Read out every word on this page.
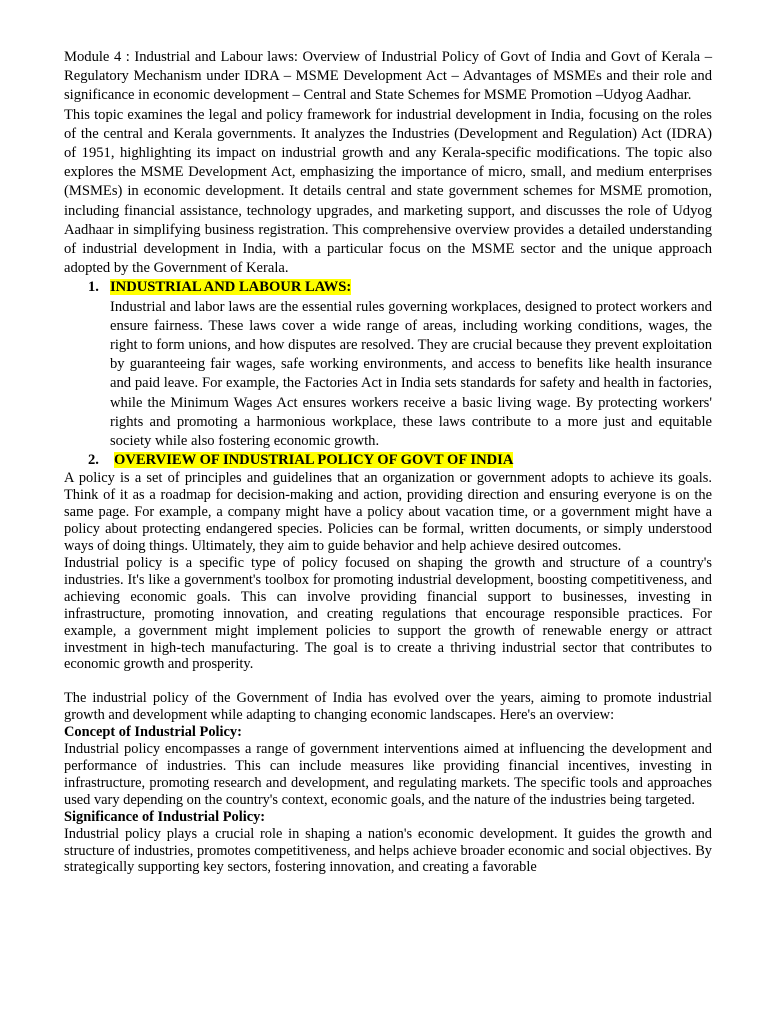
Module 4 : Industrial and Labour laws: Overview of Industrial Policy of Govt of India and Govt of Kerala – Regulatory Mechanism under IDRA – MSME Development Act – Advantages of MSMEs and their role and significance in economic development – Central and State Schemes for MSME Promotion –Udyog Aadhar.

This topic examines the legal and policy framework for industrial development in India, focusing on the roles of the central and Kerala governments. It analyzes the Industries (Development and Regulation) Act (IDRA) of 1951, highlighting its impact on industrial growth and any Kerala-specific modifications. The topic also explores the MSME Development Act, emphasizing the importance of micro, small, and medium enterprises (MSMEs) in economic development. It details central and state government schemes for MSME promotion, including financial assistance, technology upgrades, and marketing support, and discusses the role of Udyog Aadhaar in simplifying business registration. This comprehensive overview provides a detailed understanding of industrial development in India, with a particular focus on the MSME sector and the unique approach adopted by the Government of Kerala.

1. INDUSTRIAL AND LABOUR LAWS:

Industrial and labor laws are the essential rules governing workplaces, designed to protect workers and ensure fairness. These laws cover a wide range of areas, including working conditions, wages, the right to form unions, and how disputes are resolved. They are crucial because they prevent exploitation by guaranteeing fair wages, safe working environments, and access to benefits like health insurance and paid leave. For example, the Factories Act in India sets standards for safety and health in factories, while the Minimum Wages Act ensures workers receive a basic living wage. By protecting workers' rights and promoting a harmonious workplace, these laws contribute to a more just and equitable society while also fostering economic growth.

2. OVERVIEW OF INDUSTRIAL POLICY OF GOVT OF INDIA

A policy is a set of principles and guidelines that an organization or government adopts to achieve its goals. Think of it as a roadmap for decision-making and action, providing direction and ensuring everyone is on the same page. For example, a company might have a policy about vacation time, or a government might have a policy about protecting endangered species. Policies can be formal, written documents, or simply understood ways of doing things. Ultimately, they aim to guide behavior and help achieve desired outcomes.

Industrial policy is a specific type of policy focused on shaping the growth and structure of a country's industries. It's like a government's toolbox for promoting industrial development, boosting competitiveness, and achieving economic goals. This can involve providing financial support to businesses, investing in infrastructure, promoting innovation, and creating regulations that encourage responsible practices. For example, a government might implement policies to support the growth of renewable energy or attract investment in high-tech manufacturing. The goal is to create a thriving industrial sector that contributes to economic growth and prosperity.

The industrial policy of the Government of India has evolved over the years, aiming to promote industrial growth and development while adapting to changing economic landscapes. Here's an overview:

Concept of Industrial Policy:

Industrial policy encompasses a range of government interventions aimed at influencing the development and performance of industries. This can include measures like providing financial incentives, investing in infrastructure, promoting research and development, and regulating markets. The specific tools and approaches used vary depending on the country's context, economic goals, and the nature of the industries being targeted.

Significance of Industrial Policy:

Industrial policy plays a crucial role in shaping a nation's economic development. It guides the growth and structure of industries, promotes competitiveness, and helps achieve broader economic and social objectives. By strategically supporting key sectors, fostering innovation, and creating a favorable
